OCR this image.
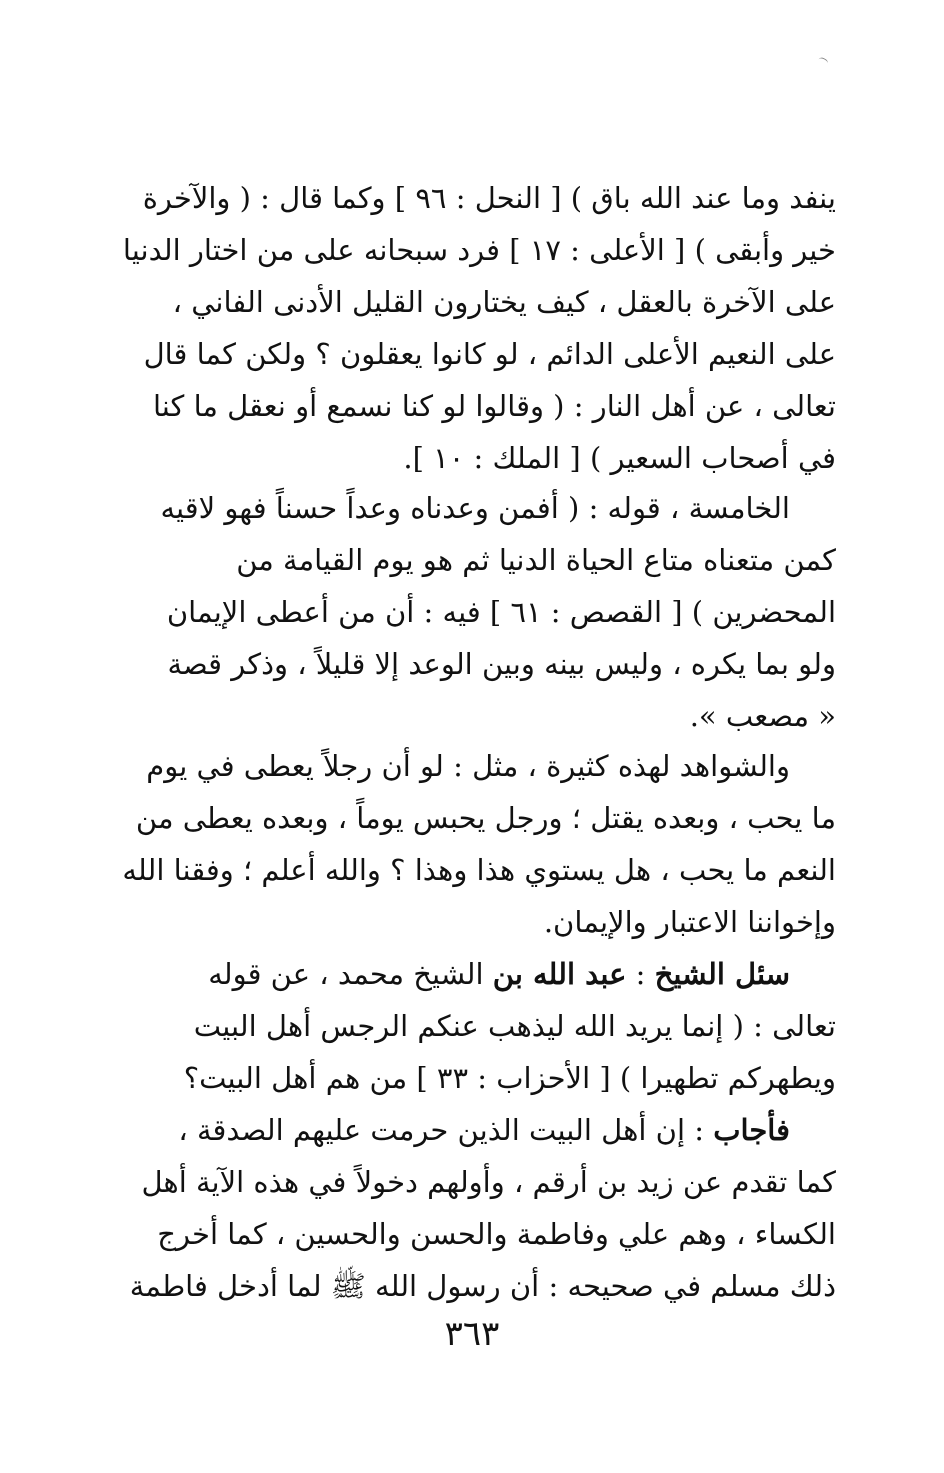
ينفد وما عند الله باق ) [ النحل : ٩٦ ] وكما قال : ( والآخرة
خير وأبقى ) [ الأعلى : ١٧ ] فرد سبحانه على من اختار الدنيا
على الآخرة بالعقل ، كيف يختارون القليل الأدنى الفاني ،
على النعيم الأعلى الدائم ، لو كانوا يعقلون ؟ ولكن كما قال
تعالى ، عن أهل النار : ( وقالوا لو كنا نسمع أو نعقل ما كنا
في أصحاب السعير ) [ الملك : ١٠ ].
الخامسة ، قوله : ( أفمن وعدناه وعداً حسناً فهو لاقيه
كمن متعناه متاع الحياة الدنيا ثم هو يوم القيامة من
المحضرين ) [ القصص : ٦١ ] فيه : أن من أعطى الإيمان
ولو بما يكره ، وليس بينه وبين الوعد إلا قليلاً ، وذكر قصة
« مصعب ».
والشواهد لهذه كثيرة ، مثل : لو أن رجلاً يعطى في يوم
ما يحب ، وبعده يقتل ؛ ورجل يحبس يوماً ، وبعده يعطى من
النعم ما يحب ، هل يستوي هذا وهذا ؟ والله أعلم ؛ وفقنا الله
وإخواننا الاعتبار والإيمان.
سئل الشيخ : عبد الله بن الشيخ محمد ، عن قوله
تعالى : ( إنما يريد الله ليذهب عنكم الرجس أهل البيت
ويطهركم تطهيرا ) [ الأحزاب : ٣٣ ] من هم أهل البيت؟
فأجاب : إن أهل البيت الذين حرمت عليهم الصدقة ،
كما تقدم عن زيد بن أرقم ، وأولهم دخولاً في هذه الآية أهل
الكساء ، وهم علي وفاطمة والحسن والحسين ، كما أخرج
ذلك مسلم في صحيحه : أن رسول الله ﷺ لما أدخل فاطمة
٣٦٣
